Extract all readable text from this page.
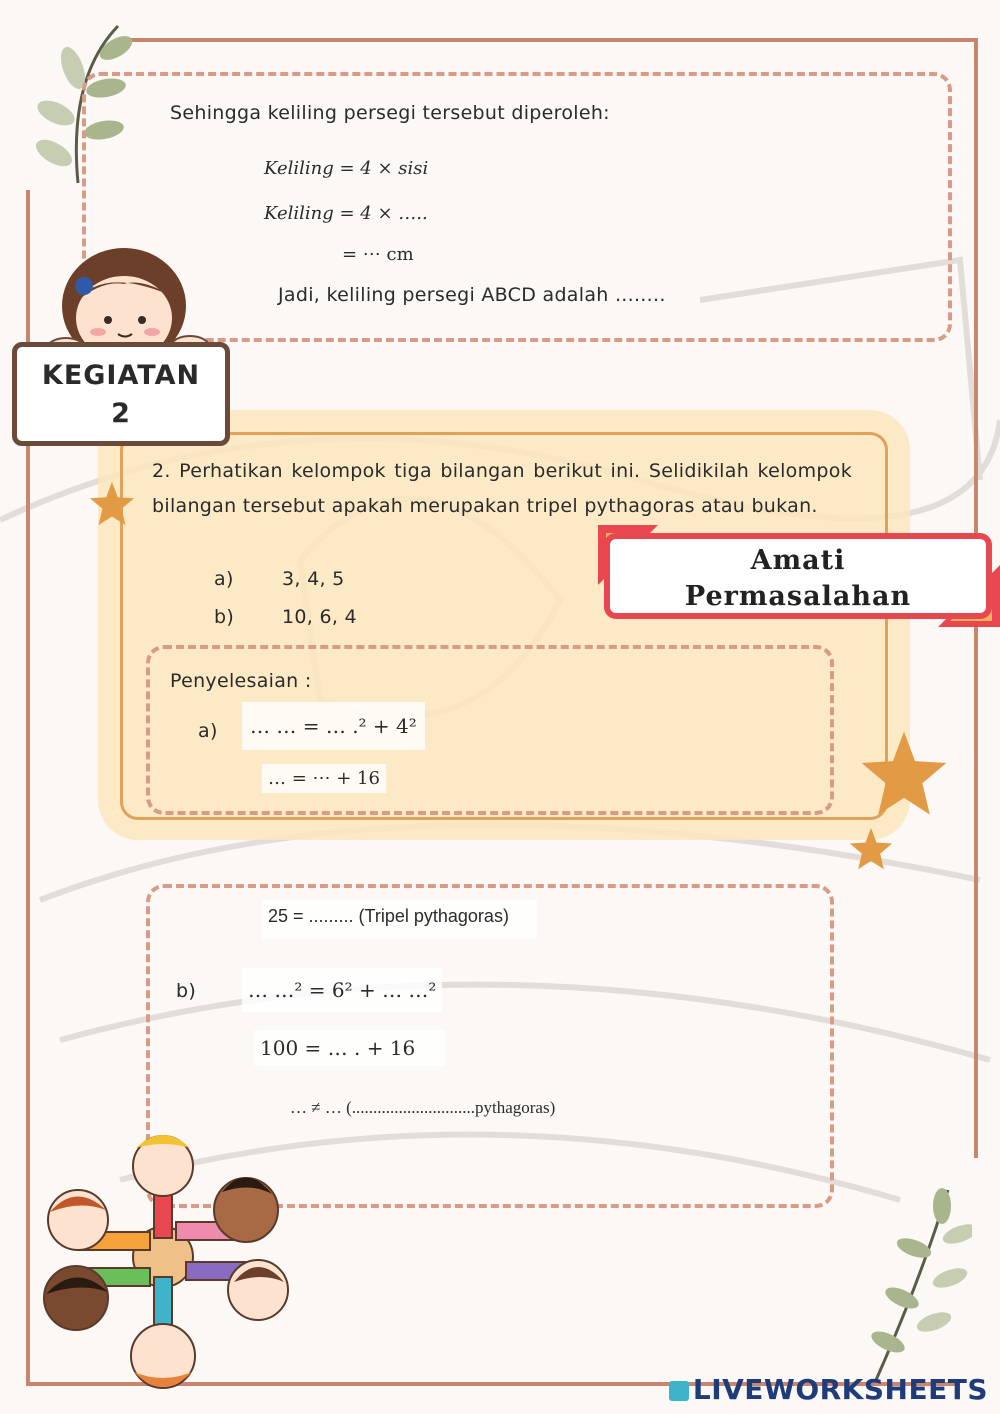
Sehingga keliling persegi tersebut diperoleh:
Keliling = 4 × sisi
Keliling = 4 × …..
= ⋯ cm
Jadi, keliling persegi ABCD adalah ........
KEGIATAN
2
2. Perhatikan kelompok tiga bilangan berikut ini. Selidikilah kelompok bilangan tersebut apakah merupakan tripel pythagoras atau bukan.
a)	3, 4, 5
b)	10, 6, 4
Amati
Permasalahan
Penyelesaian :
a)	… … = … .² + 4²
… = ⋯ + 16
25 = ......... (Tripel pythagoras)
b)	… …² = 6² + … …²
100 = … . + 16
… ≠ … (.............................pythagoras)
LIVEWORKSHEETS
